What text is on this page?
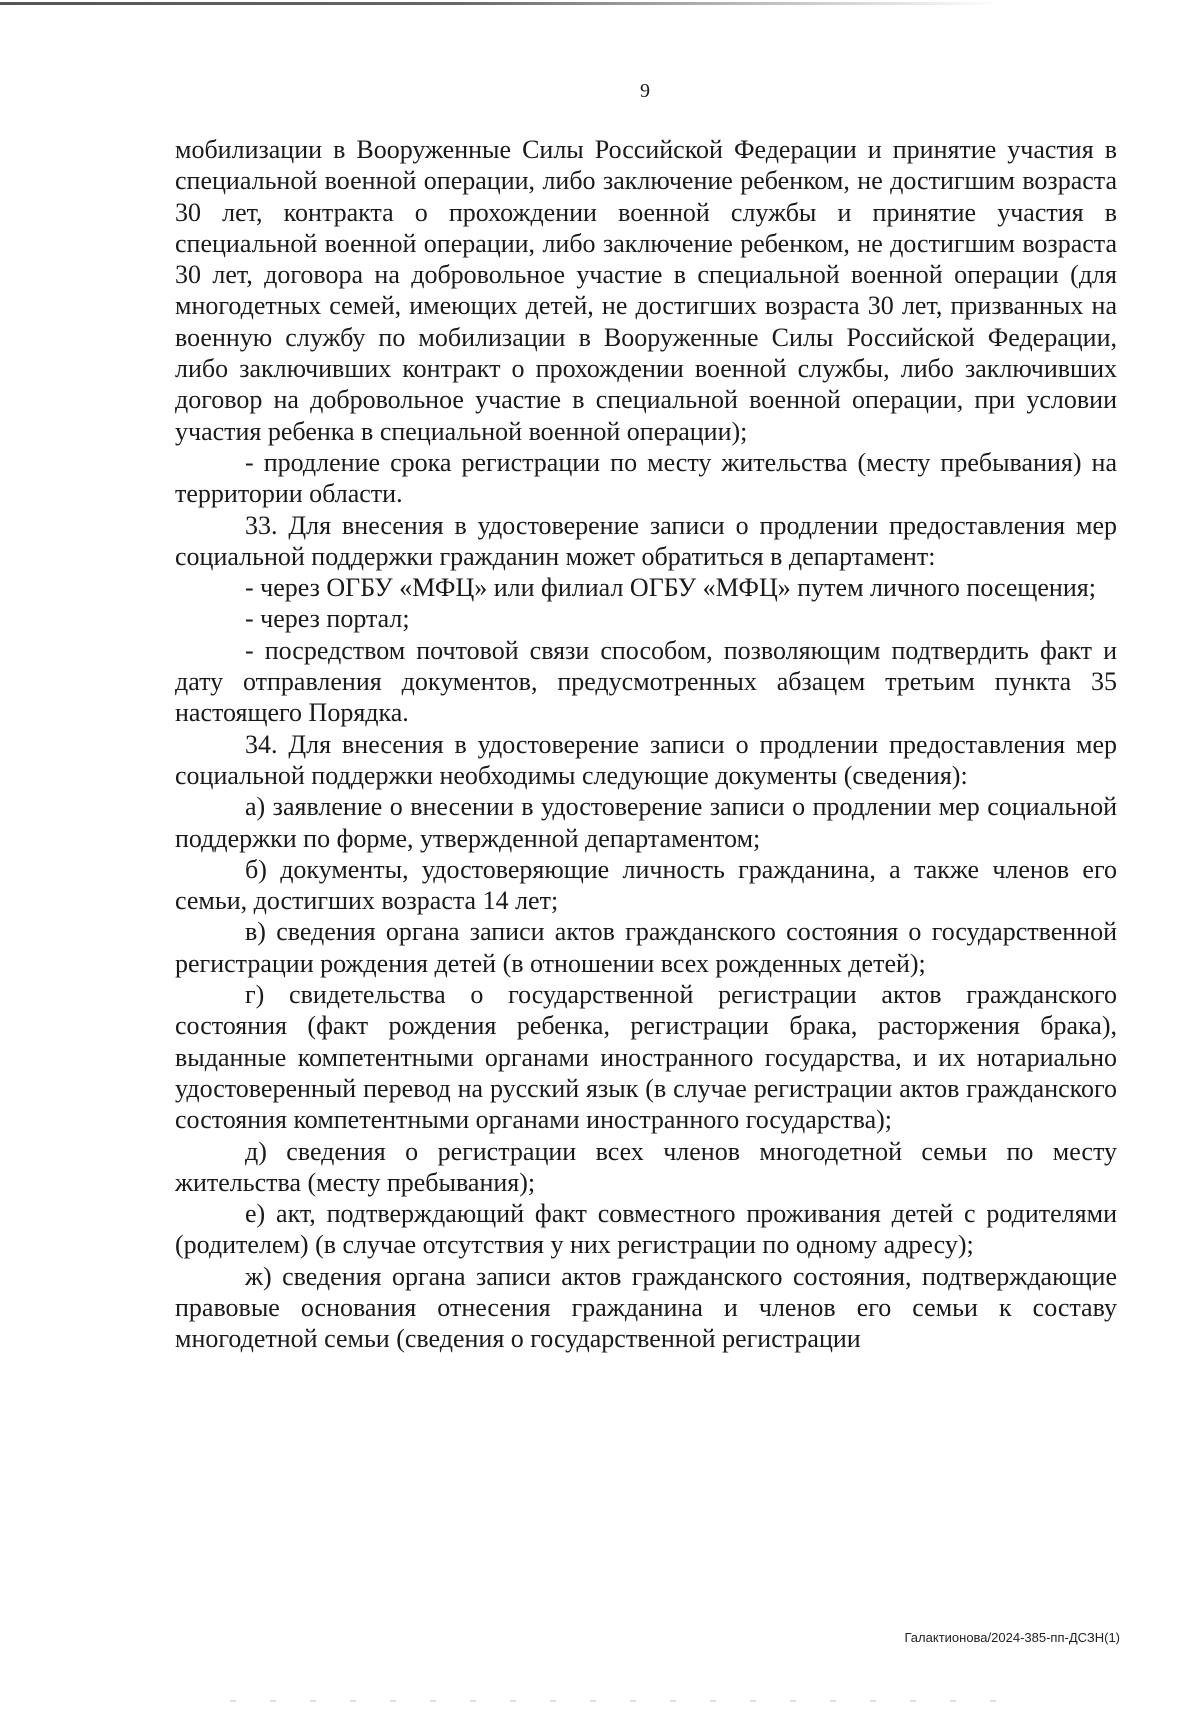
9

мобилизации в Вооруженные Силы Российской Федерации и принятие участия в специальной военной операции, либо заключение ребенком, не достигшим возраста 30 лет, контракта о прохождении военной службы и принятие участия в специальной военной операции, либо заключение ребенком, не достигшим возраста 30 лет, договора на добровольное участие в специальной военной операции (для многодетных семей, имеющих детей, не достигших возраста 30 лет, призванных на военную службу по мобилизации в Вооруженные Силы Российской Федерации, либо заключивших контракт о прохождении военной службы, либо заключивших договор на добровольное участие в специальной военной операции, при условии участия ребенка в специальной военной операции);

- продление срока регистрации по месту жительства (месту пребывания) на территории области.

33. Для внесения в удостоверение записи о продлении предоставления мер социальной поддержки гражданин может обратиться в департамент:

- через ОГБУ «МФЦ» или филиал ОГБУ «МФЦ» путем личного посещения;

- через портал;

- посредством почтовой связи способом, позволяющим подтвердить факт и дату отправления документов, предусмотренных абзацем третьим пункта 35 настоящего Порядка.

34. Для внесения в удостоверение записи о продлении предоставления мер социальной поддержки необходимы следующие документы (сведения):

а) заявление о внесении в удостоверение записи о продлении мер социальной поддержки по форме, утвержденной департаментом;

б) документы, удостоверяющие личность гражданина, а также членов его семьи, достигших возраста 14 лет;

в) сведения органа записи актов гражданского состояния о государственной регистрации рождения детей (в отношении всех рожденных детей);

г) свидетельства о государственной регистрации актов гражданского состояния (факт рождения ребенка, регистрации брака, расторжения брака), выданные компетентными органами иностранного государства, и их нотариально удостоверенный перевод на русский язык (в случае регистрации актов гражданского состояния компетентными органами иностранного государства);

д) сведения о регистрации всех членов многодетной семьи по месту жительства (месту пребывания);

е) акт, подтверждающий факт совместного проживания детей с родителями (родителем) (в случае отсутствия у них регистрации по одному адресу);

ж) сведения органа записи актов гражданского состояния, подтверждающие правовые основания отнесения гражданина и членов его семьи к составу многодетной семьи (сведения о государственной регистрации

Галактионова/2024-385-пп-ДСЗН(1)
